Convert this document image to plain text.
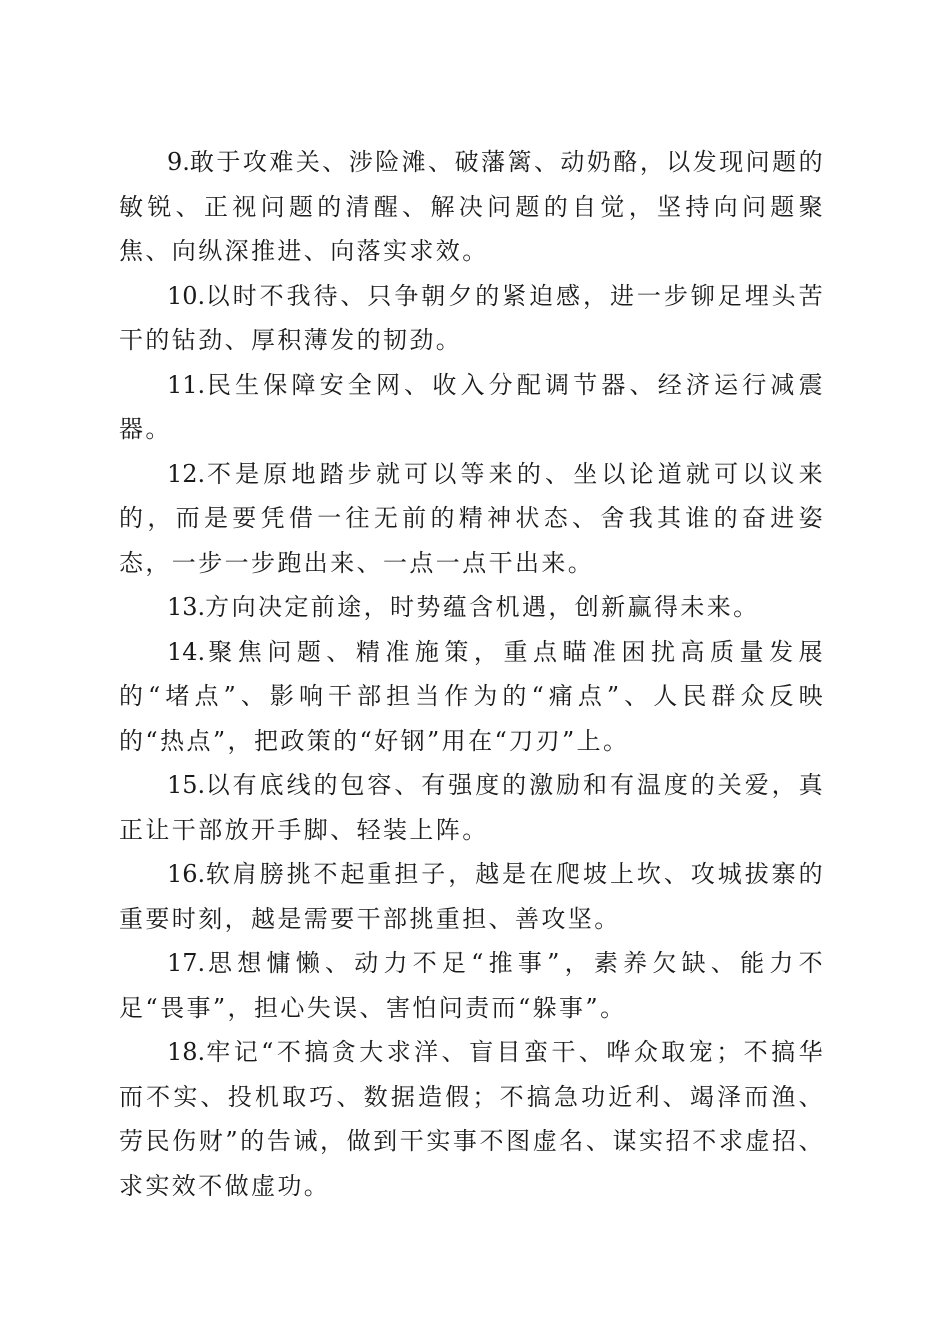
9.敢于攻难关、涉险滩、破藩篱、动奶酪，以发现问题的敏锐、正视问题的清醒、解决问题的自觉，坚持向问题聚焦、向纵深推进、向落实求效。

10.以时不我待、只争朝夕的紧迫感，进一步铆足埋头苦干的钻劲、厚积薄发的韧劲。

11.民生保障安全网、收入分配调节器、经济运行减震器。

12.不是原地踏步就可以等来的、坐以论道就可以议来的，而是要凭借一往无前的精神状态、舍我其谁的奋进姿态，一步一步跑出来、一点一点干出来。

13.方向决定前途，时势蕴含机遇，创新赢得未来。

14.聚焦问题、精准施策，重点瞄准困扰高质量发展的“堵点”、影响干部担当作为的“痛点”、人民群众反映的“热点”，把政策的“好钢”用在“刀刃”上。

15.以有底线的包容、有强度的激励和有温度的关爱，真正让干部放开手脚、轻装上阵。

16.软肩膀挑不起重担子，越是在爬坡上坎、攻城拔寨的重要时刻，越是需要干部挑重担、善攻坚。

17.思想慵懒、动力不足“推事”，素养欠缺、能力不足“畏事”，担心失误、害怕问责而“躲事”。

18.牢记“不搞贪大求洋、盲目蛮干、哗众取宠；不搞华而不实、投机取巧、数据造假；不搞急功近利、竭泽而渔、劳民伤财”的告诫，做到干实事不图虚名、谋实招不求虚招、求实效不做虚功。
